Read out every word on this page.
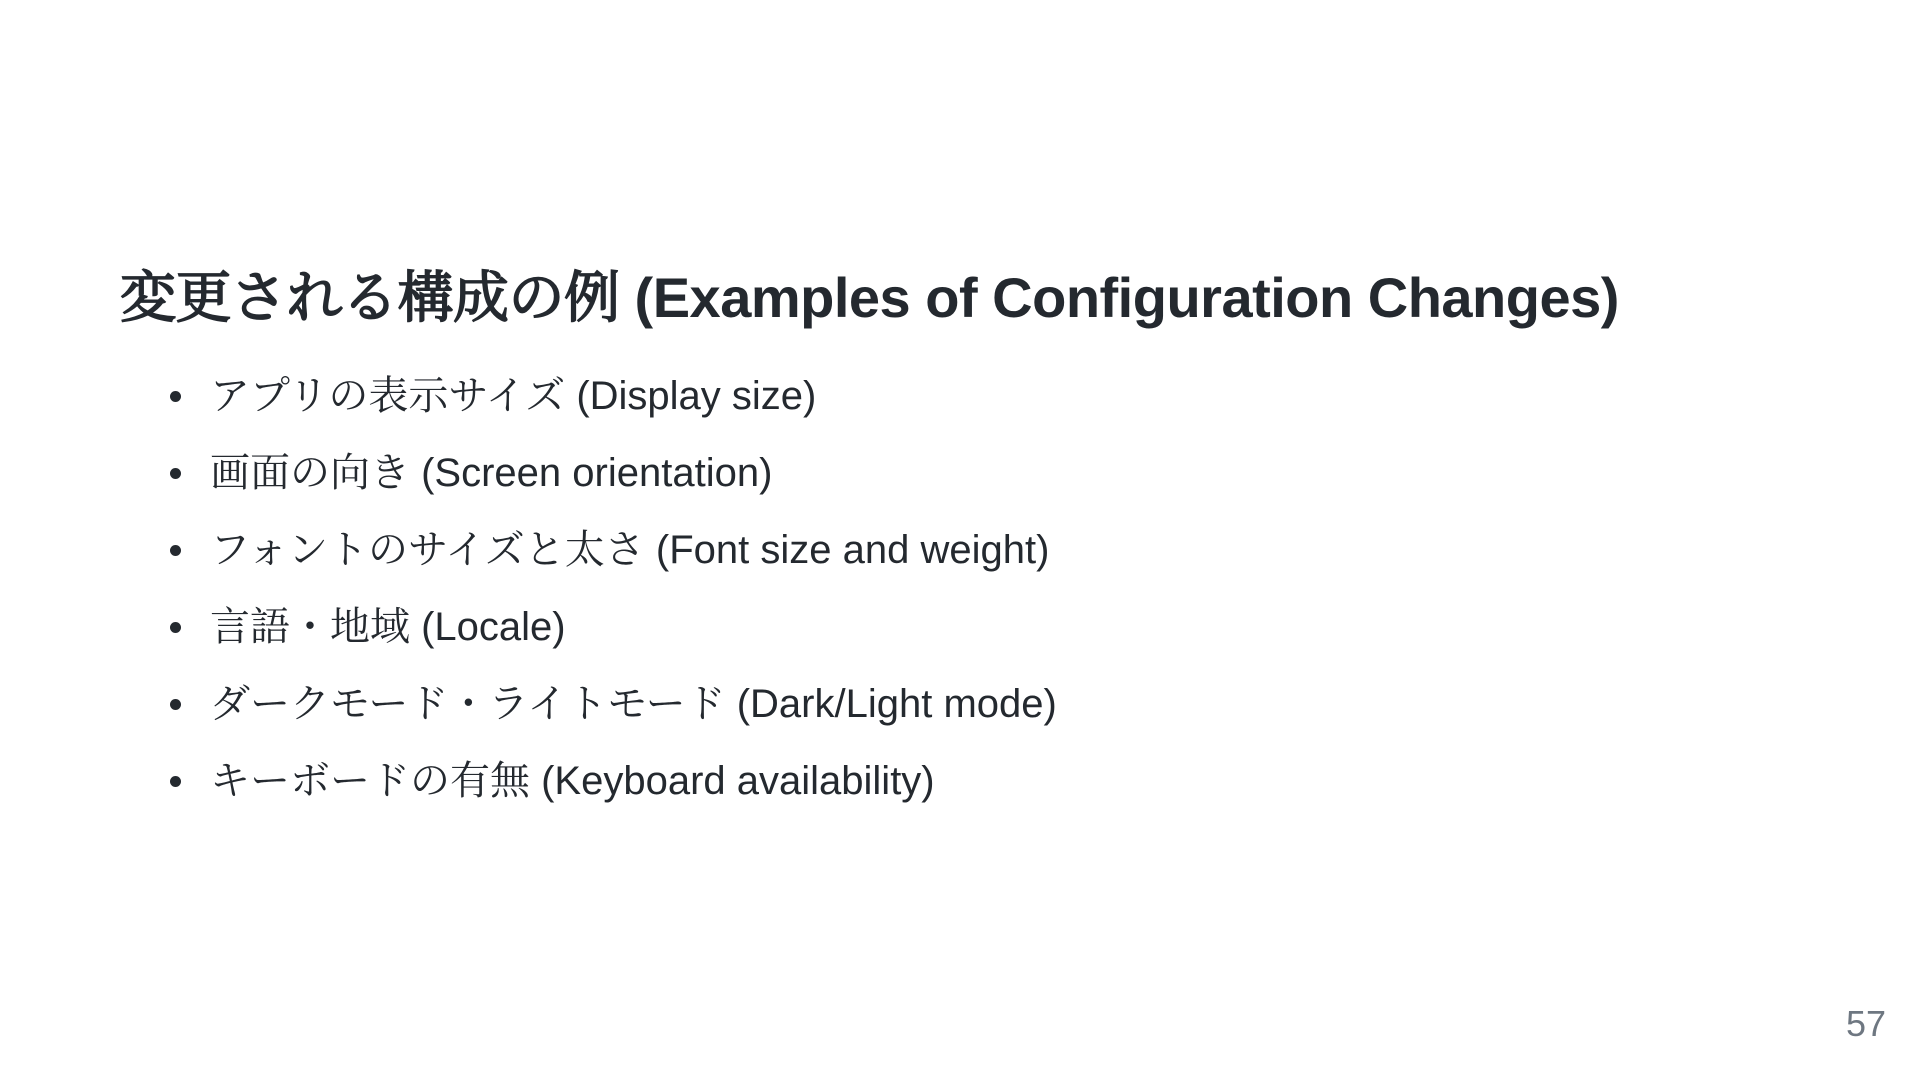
変更される構成の例 (Examples of Configuration Changes)
アプリの表示サイズ (Display size)
画面の向き (Screen orientation)
フォントのサイズと太さ (Font size and weight)
言語・地域 (Locale)
ダークモード・ライトモード (Dark/Light mode)
キーボードの有無 (Keyboard availability)
57
